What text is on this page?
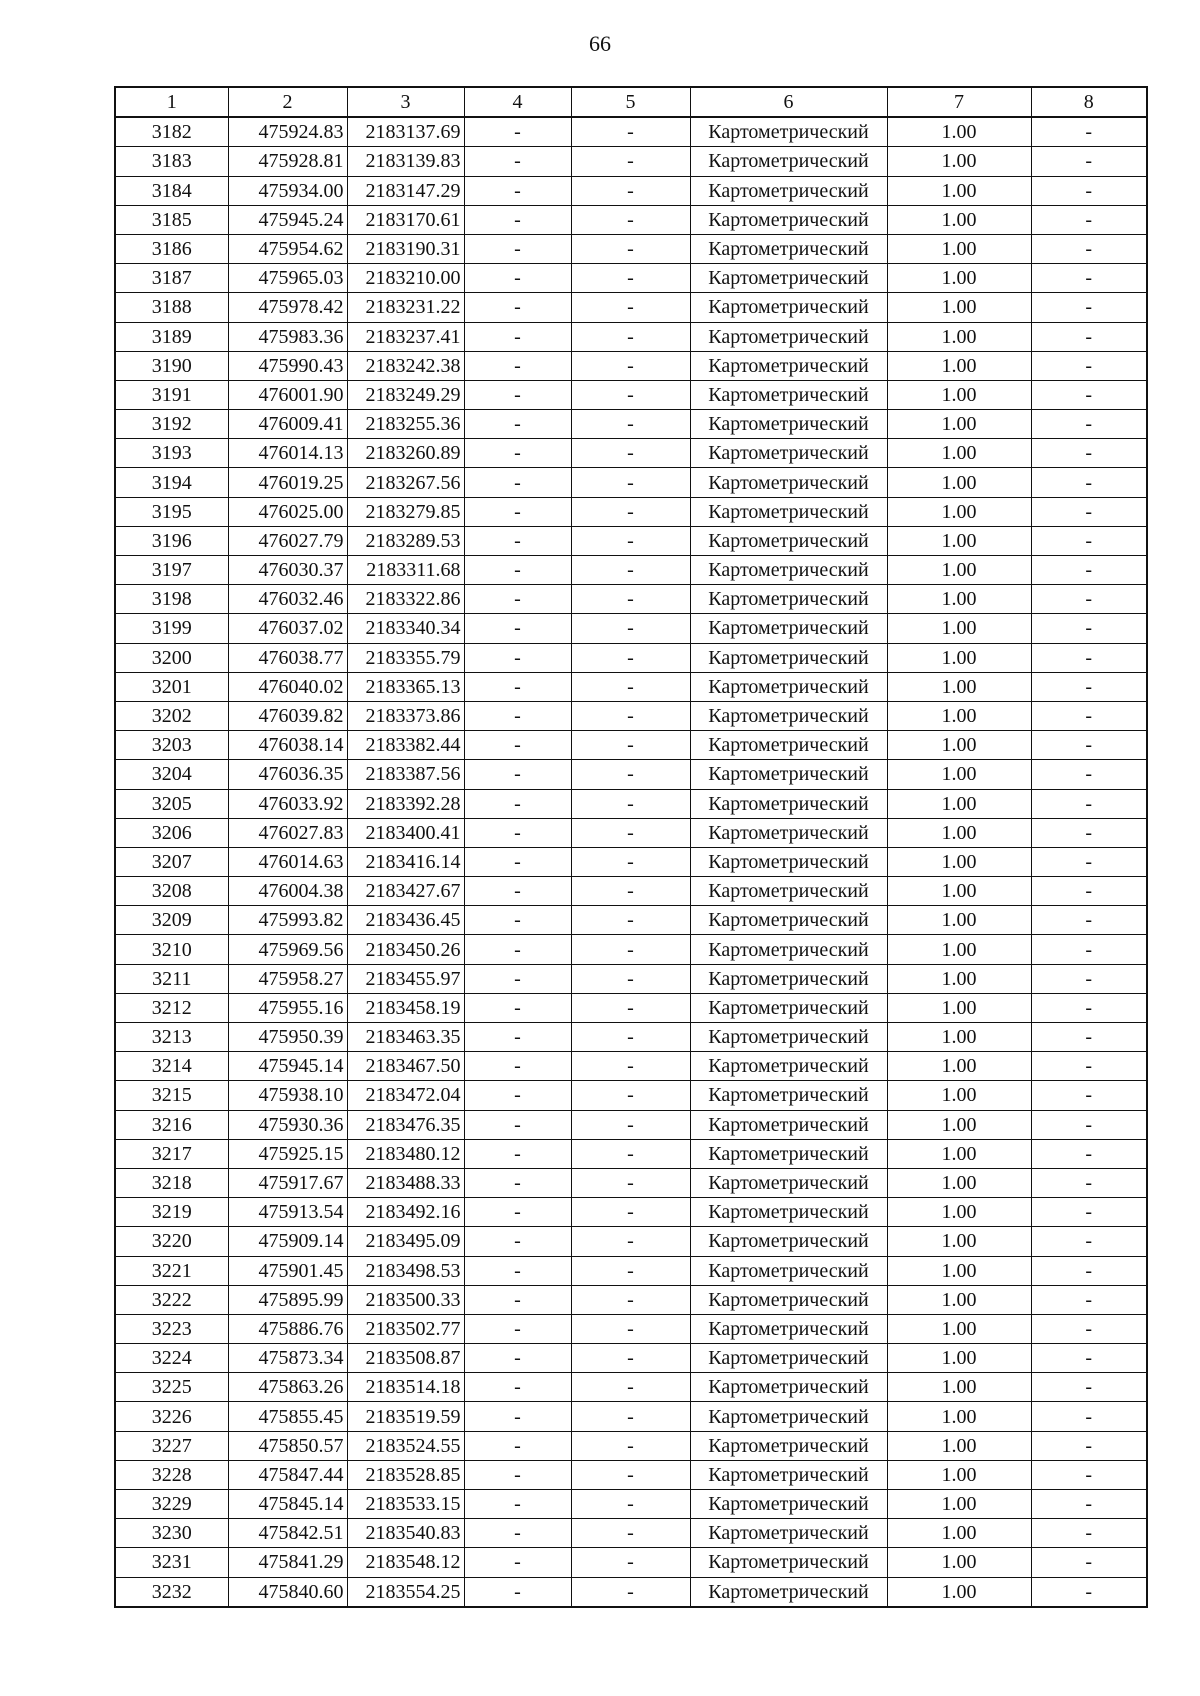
66
1	2	3	4	5	6	7	8
3182	475924.83	2183137.69	-	-	Картометрический	1.00	-
3183	475928.81	2183139.83	-	-	Картометрический	1.00	-
3184	475934.00	2183147.29	-	-	Картометрический	1.00	-
3185	475945.24	2183170.61	-	-	Картометрический	1.00	-
3186	475954.62	2183190.31	-	-	Картометрический	1.00	-
3187	475965.03	2183210.00	-	-	Картометрический	1.00	-
3188	475978.42	2183231.22	-	-	Картометрический	1.00	-
3189	475983.36	2183237.41	-	-	Картометрический	1.00	-
3190	475990.43	2183242.38	-	-	Картометрический	1.00	-
3191	476001.90	2183249.29	-	-	Картометрический	1.00	-
3192	476009.41	2183255.36	-	-	Картометрический	1.00	-
3193	476014.13	2183260.89	-	-	Картометрический	1.00	-
3194	476019.25	2183267.56	-	-	Картометрический	1.00	-
3195	476025.00	2183279.85	-	-	Картометрический	1.00	-
3196	476027.79	2183289.53	-	-	Картометрический	1.00	-
3197	476030.37	2183311.68	-	-	Картометрический	1.00	-
3198	476032.46	2183322.86	-	-	Картометрический	1.00	-
3199	476037.02	2183340.34	-	-	Картометрический	1.00	-
3200	476038.77	2183355.79	-	-	Картометрический	1.00	-
3201	476040.02	2183365.13	-	-	Картометрический	1.00	-
3202	476039.82	2183373.86	-	-	Картометрический	1.00	-
3203	476038.14	2183382.44	-	-	Картометрический	1.00	-
3204	476036.35	2183387.56	-	-	Картометрический	1.00	-
3205	476033.92	2183392.28	-	-	Картометрический	1.00	-
3206	476027.83	2183400.41	-	-	Картометрический	1.00	-
3207	476014.63	2183416.14	-	-	Картометрический	1.00	-
3208	476004.38	2183427.67	-	-	Картометрический	1.00	-
3209	475993.82	2183436.45	-	-	Картометрический	1.00	-
3210	475969.56	2183450.26	-	-	Картометрический	1.00	-
3211	475958.27	2183455.97	-	-	Картометрический	1.00	-
3212	475955.16	2183458.19	-	-	Картометрический	1.00	-
3213	475950.39	2183463.35	-	-	Картометрический	1.00	-
3214	475945.14	2183467.50	-	-	Картометрический	1.00	-
3215	475938.10	2183472.04	-	-	Картометрический	1.00	-
3216	475930.36	2183476.35	-	-	Картометрический	1.00	-
3217	475925.15	2183480.12	-	-	Картометрический	1.00	-
3218	475917.67	2183488.33	-	-	Картометрический	1.00	-
3219	475913.54	2183492.16	-	-	Картометрический	1.00	-
3220	475909.14	2183495.09	-	-	Картометрический	1.00	-
3221	475901.45	2183498.53	-	-	Картометрический	1.00	-
3222	475895.99	2183500.33	-	-	Картометрический	1.00	-
3223	475886.76	2183502.77	-	-	Картометрический	1.00	-
3224	475873.34	2183508.87	-	-	Картометрический	1.00	-
3225	475863.26	2183514.18	-	-	Картометрический	1.00	-
3226	475855.45	2183519.59	-	-	Картометрический	1.00	-
3227	475850.57	2183524.55	-	-	Картометрический	1.00	-
3228	475847.44	2183528.85	-	-	Картометрический	1.00	-
3229	475845.14	2183533.15	-	-	Картометрический	1.00	-
3230	475842.51	2183540.83	-	-	Картометрический	1.00	-
3231	475841.29	2183548.12	-	-	Картометрический	1.00	-
3232	475840.60	2183554.25	-	-	Картометрический	1.00	-
